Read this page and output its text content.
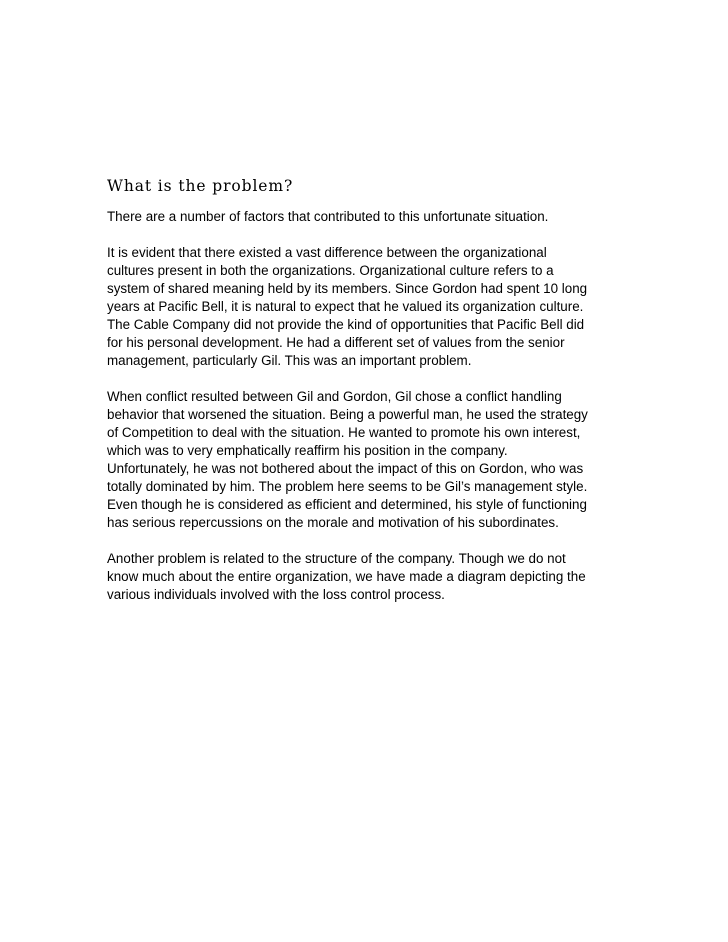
What is the problem?

There are a number of factors that contributed to this unfortunate situation.

It is evident that there existed a vast difference between the organizational
cultures present in both the organizations. Organizational culture refers to a
system of shared meaning held by its members. Since Gordon had spent 10 long
years at Pacific Bell, it is natural to expect that he valued its organization culture.
The Cable Company did not provide the kind of opportunities that Pacific Bell did
for his personal development. He had a different set of values from the senior
management, particularly Gil. This was an important problem.

When conflict resulted between Gil and Gordon, Gil chose a conflict handling
behavior that worsened the situation. Being a powerful man, he used the strategy
of Competition to deal with the situation. He wanted to promote his own interest,
which was to very emphatically reaffirm his position in the company.
Unfortunately, he was not bothered about the impact of this on Gordon, who was
totally dominated by him. The problem here seems to be Gil’s management style.
Even though he is considered as efficient and determined, his style of functioning
has serious repercussions on the morale and motivation of his subordinates.

Another problem is related to the structure of the company. Though we do not
know much about the entire organization, we have made a diagram depicting the
various individuals involved with the loss control process.
